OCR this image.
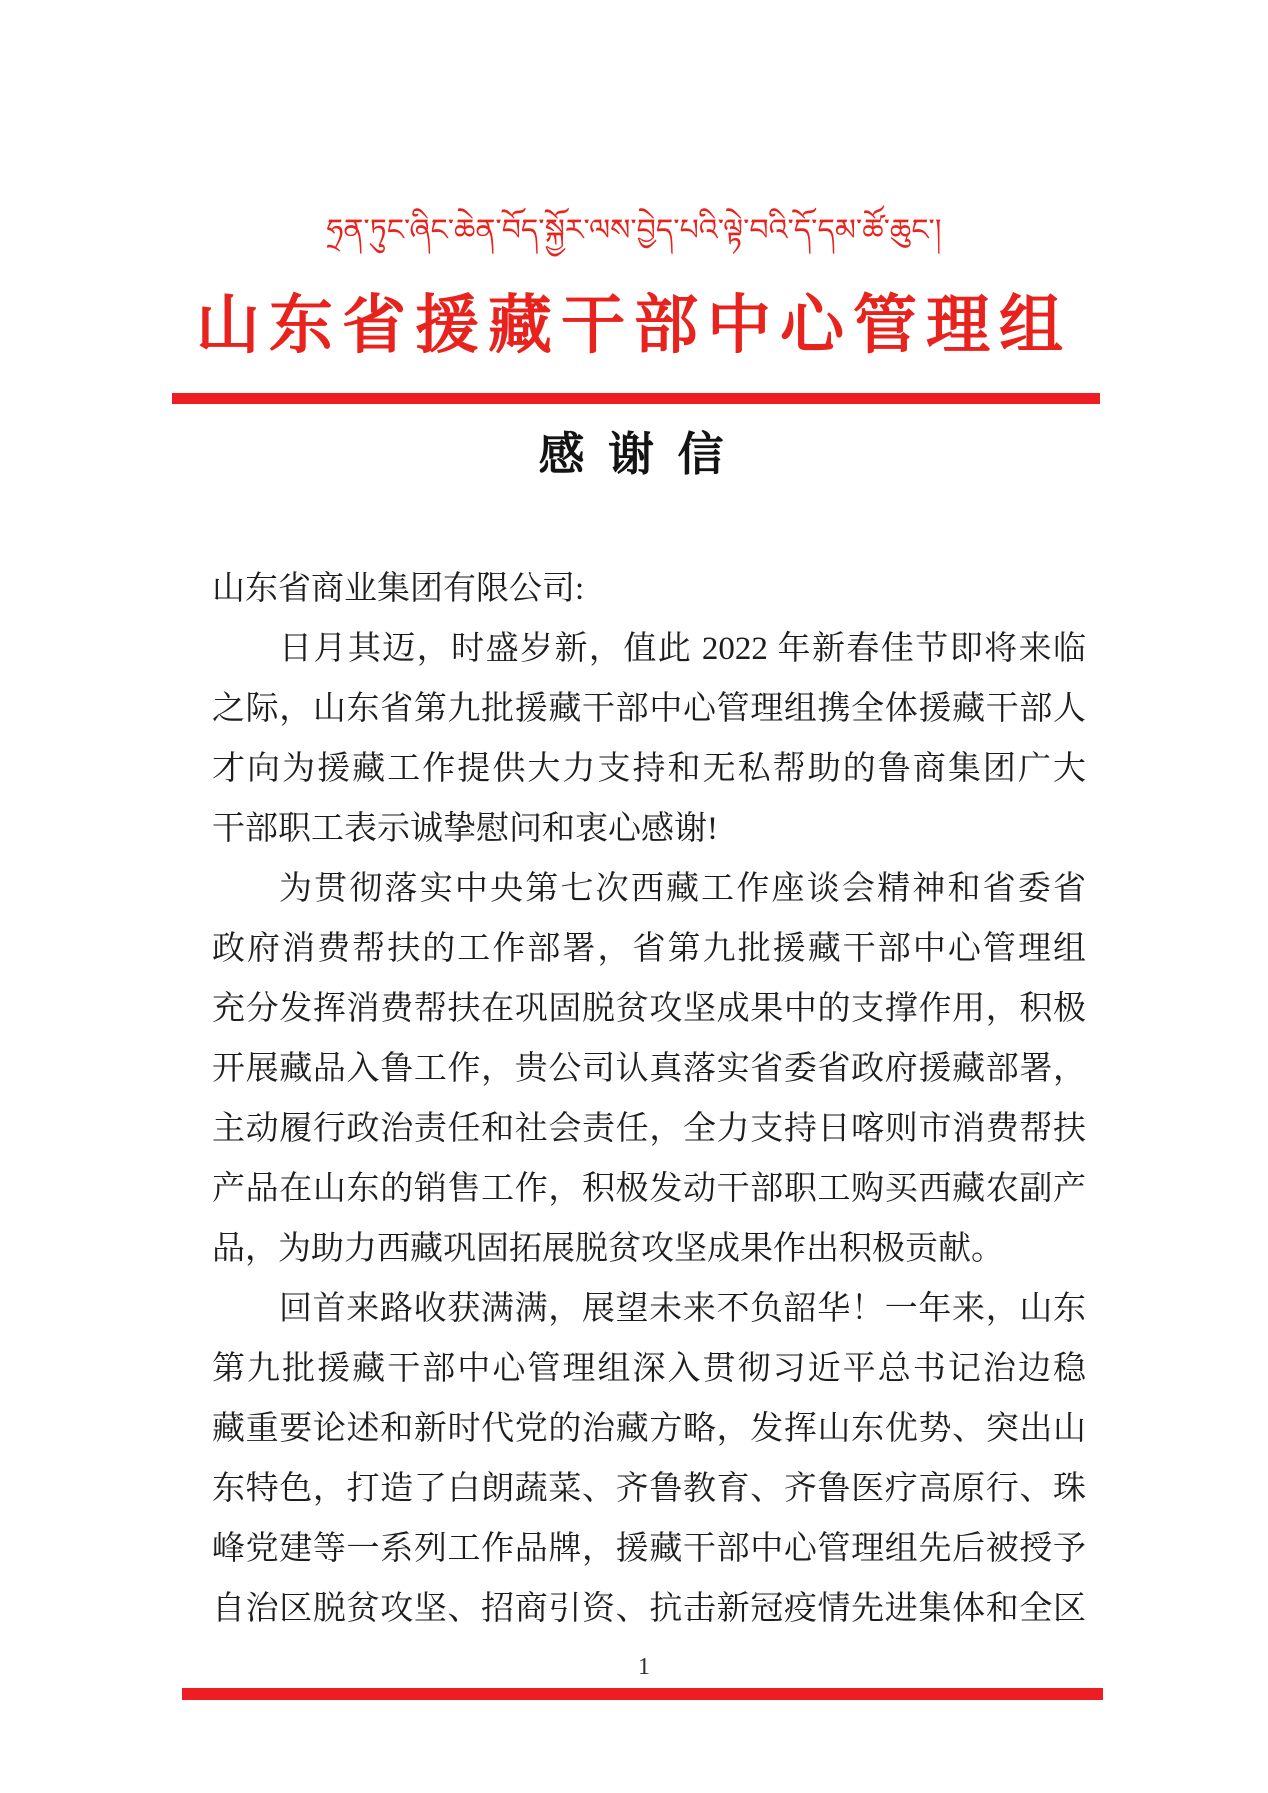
ཧྲན་ཏུང་ཞིང་ཆེན་བོད་སྐྱོར་ལས་བྱེད་པའི་ལྟེ་བའི་དོ་དམ་ཚོ་ཆུང་།
山东省援藏干部中心管理组
感 谢 信
山东省商业集团有限公司:
日月其迈，时盛岁新，值此 2022 年新春佳节即将来临
之际，山东省第九批援藏干部中心管理组携全体援藏干部人
才向为援藏工作提供大力支持和无私帮助的鲁商集团广大
干部职工表示诚挚慰问和衷心感谢!
为贯彻落实中央第七次西藏工作座谈会精神和省委省
政府消费帮扶的工作部署，省第九批援藏干部中心管理组
充分发挥消费帮扶在巩固脱贫攻坚成果中的支撑作用，积极
开展藏品入鲁工作，贵公司认真落实省委省政府援藏部署，
主动履行政治责任和社会责任，全力支持日喀则市消费帮扶
产品在山东的销售工作，积极发动干部职工购买西藏农副产
品，为助力西藏巩固拓展脱贫攻坚成果作出积极贡献。
回首来路收获满满，展望未来不负韶华！一年来，山东
第九批援藏干部中心管理组深入贯彻习近平总书记治边稳
藏重要论述和新时代党的治藏方略，发挥山东优势、突出山
东特色，打造了白朗蔬菜、齐鲁教育、齐鲁医疗高原行、珠
峰党建等一系列工作品牌，援藏干部中心管理组先后被授予
自治区脱贫攻坚、招商引资、抗击新冠疫情先进集体和全区
1
